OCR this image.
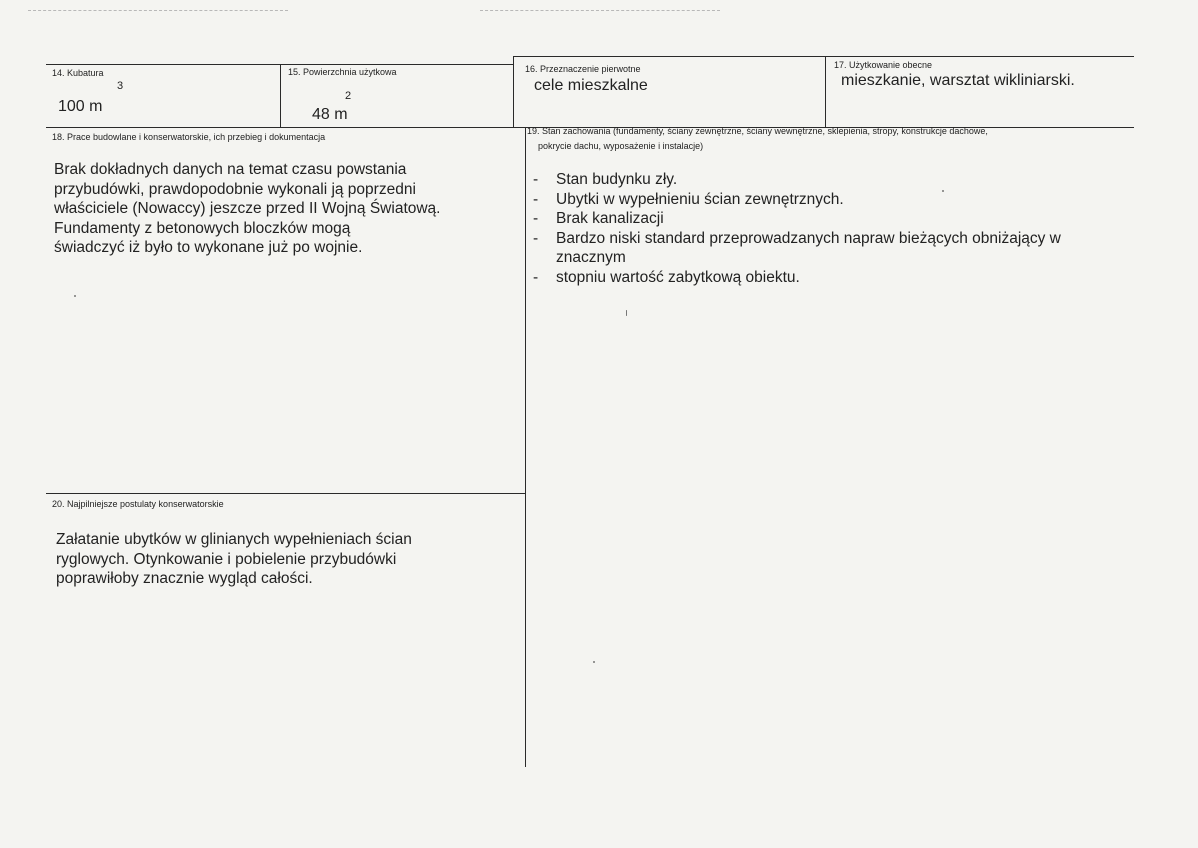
14. Kubatura
3
100 m
15. Powierzchnia użytkowa
2
48 m
16. Przeznaczenie pierwotne
cele mieszkalne
17. Użytkowanie obecne
mieszkanie, warsztat wikliniarski.
18. Prace budowlane i konserwatorskie, ich przebieg i dokumentacja

Brak dokładnych danych na temat czasu powstania

przybudówki, prawdopodobnie wykonali ją poprzedni

właściciele (Nowaccy) jeszcze przed II Wojną Światową.

Fundamenty z betonowych bloczków mogą

świadczyć iż było to wykonane już po wojnie.

19. Stan zachowania (fundamenty, ściany zewnętrzne, ściany wewnętrzne, sklepienia, stropy, konstrukcje dachowe,
pokrycie dachu, wyposażenie i instalacje)
- Stan budynku zły.
- Ubytki w wypełnieniu ścian zewnętrznych.
- Brak kanalizacji
- Bardzo niski standard przeprowadzanych napraw bieżących obniżający w
znacznym
- stopniu wartość zabytkową obiektu.
20. Najpilniejsze postulaty konserwatorskie

Załatanie ubytków w glinianych wypełnieniach ścian

ryglowych. Otynkowanie i pobielenie przybudówki

poprawiłoby znacznie wygląd całości.
